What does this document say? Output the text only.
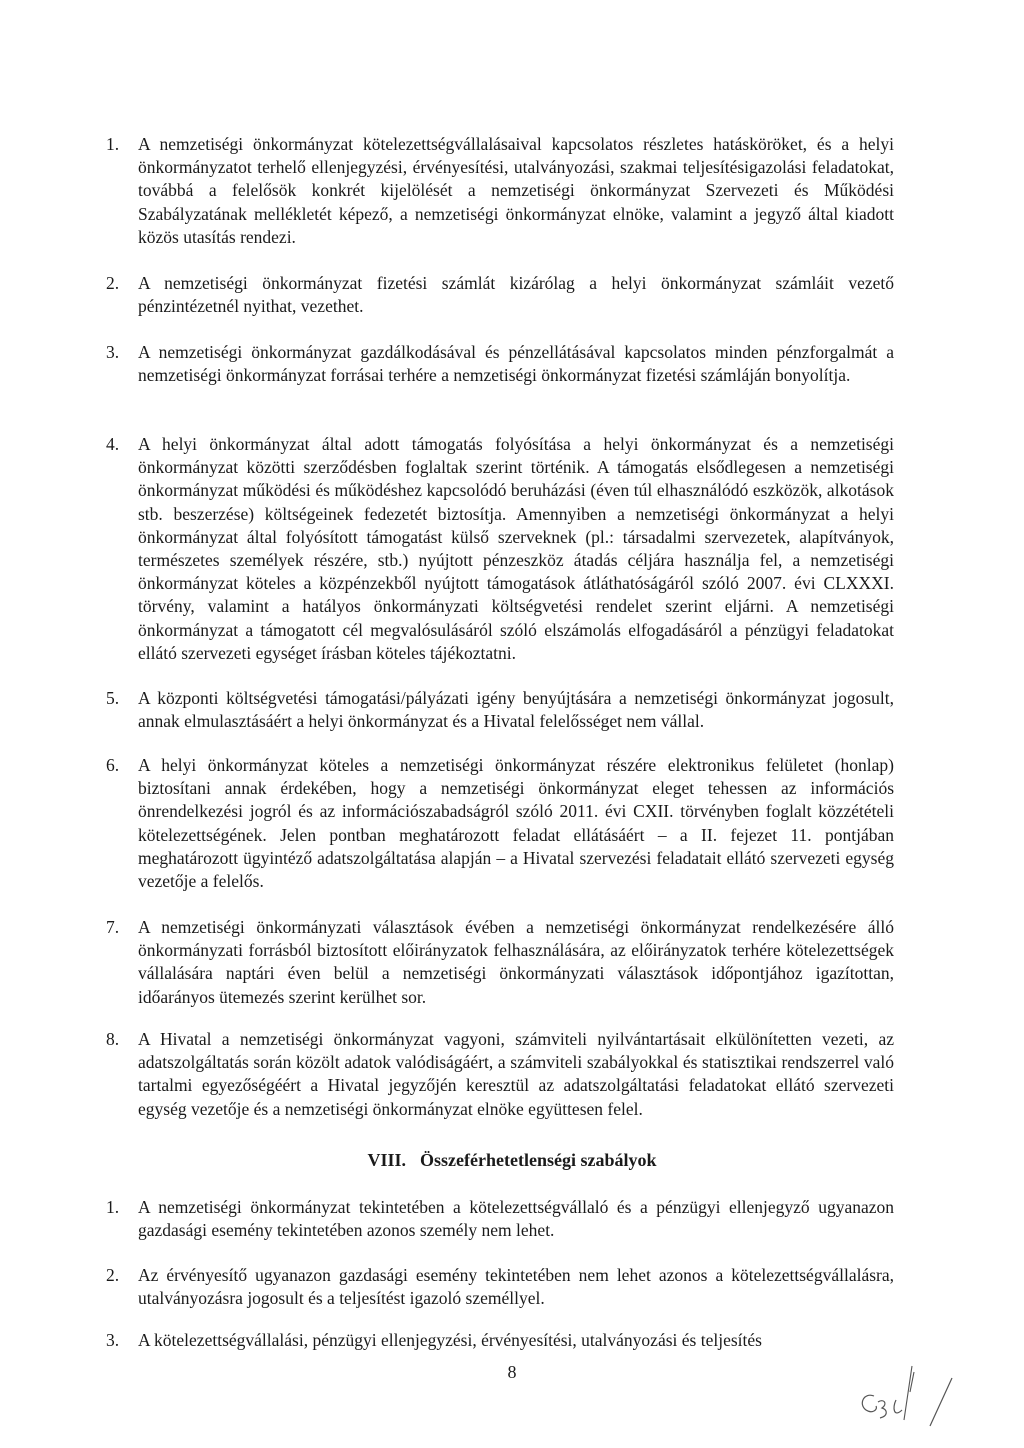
1.	A nemzetiségi önkormányzat kötelezettségvállalásaival kapcsolatos részletes hatásköröket, és a helyi önkormányzatot terhelő ellenjegyzési, érvényesítési, utalványozási, szakmai teljesítésigazolási feladatokat, továbbá a felelősök konkrét kijelölését a nemzetiségi önkormányzat Szervezeti és Működési Szabályzatának mellékletét képező, a nemzetiségi önkormányzat elnöke, valamint a jegyző által kiadott közös utasítás rendezi.
2.	A nemzetiségi önkormányzat fizetési számlát kizárólag a helyi önkormányzat számláit vezető pénzintézetnél nyithat, vezethet.
3.	A nemzetiségi önkormányzat gazdálkodásával és pénzellátásával kapcsolatos minden pénzforgalmát a nemzetiségi önkormányzat forrásai terhére a nemzetiségi önkormányzat fizetési számláján bonyolítja.
4.	A helyi önkormányzat által adott támogatás folyósítása a helyi önkormányzat és a nemzetiségi önkormányzat közötti szerződésben foglaltak szerint történik. A támogatás elsődlegesen a nemzetiségi önkormányzat működési és működéshez kapcsolódó beruházási (éven túl elhasználódó eszközök, alkotások stb. beszerzése) költségeinek fedezetét biztosítja. Amennyiben a nemzetiségi önkormányzat a helyi önkormányzat által folyósított támogatást külső szerveknek (pl.: társadalmi szervezetek, alapítványok, természetes személyek részére, stb.) nyújtott pénzeszköz átadás céljára használja fel, a nemzetiségi önkormányzat köteles a közpénzekből nyújtott támogatások átláthatóságáról szóló 2007. évi CLXXXI. törvény, valamint a hatályos önkormányzati költségvetési rendelet szerint eljárni. A nemzetiségi önkormányzat a támogatott cél megvalósulásáról szóló elszámolás elfogadásáról a pénzügyi feladatokat ellátó szervezeti egységet írásban köteles tájékoztatni.
5.	A központi költségvetési támogatási/pályázati igény benyújtására a nemzetiségi önkormányzat jogosult, annak elmulasztásáért a helyi önkormányzat és a Hivatal felelősséget nem vállal.
6.	A helyi önkormányzat köteles a nemzetiségi önkormányzat részére elektronikus felületet (honlap) biztosítani annak érdekében, hogy a nemzetiségi önkormányzat eleget tehessen az információs önrendelkezési jogról és az információszabadságról szóló 2011. évi CXII. törvényben foglalt közzétételi kötelezettségének. Jelen pontban meghatározott feladat ellátásáért – a II. fejezet 11. pontjában meghatározott ügyintéző adatszolgáltatása alapján – a Hivatal szervezési feladatait ellátó szervezeti egység vezetője a felelős.
7.	A nemzetiségi önkormányzati választások évében a nemzetiségi önkormányzat rendelkezésére álló önkormányzati forrásból biztosított előirányzatok felhasználására, az előirányzatok terhére kötelezettségek vállalására naptári éven belül a nemzetiségi önkormányzati választások időpontjához igazítottan, időarányos ütemezés szerint kerülhet sor.
8.	A Hivatal a nemzetiségi önkormányzat vagyoni, számviteli nyilvántartásait elkülönítetten vezeti, az adatszolgáltatás során közölt adatok valódiságáért, a számviteli szabályokkal és statisztikai rendszerrel való tartalmi egyezőségéért a Hivatal jegyzőjén keresztül az adatszolgáltatási feladatokat ellátó szervezeti egység vezetője és a nemzetiségi önkormányzat elnöke együttesen felel.
VIII. Összeférhetetlenségi szabályok
1.	A nemzetiségi önkormányzat tekintetében a kötelezettségvállaló és a pénzügyi ellenjegyző ugyanazon gazdasági esemény tekintetében azonos személy nem lehet.
2.	Az érvényesítő ugyanazon gazdasági esemény tekintetében nem lehet azonos a kötelezettségvállalásra, utalványozásra jogosult és a teljesítést igazoló személlyel.
3.	A kötelezettségvállalási, pénzügyi ellenjegyzési, érvényesítési, utalványozási és teljesítés
8
